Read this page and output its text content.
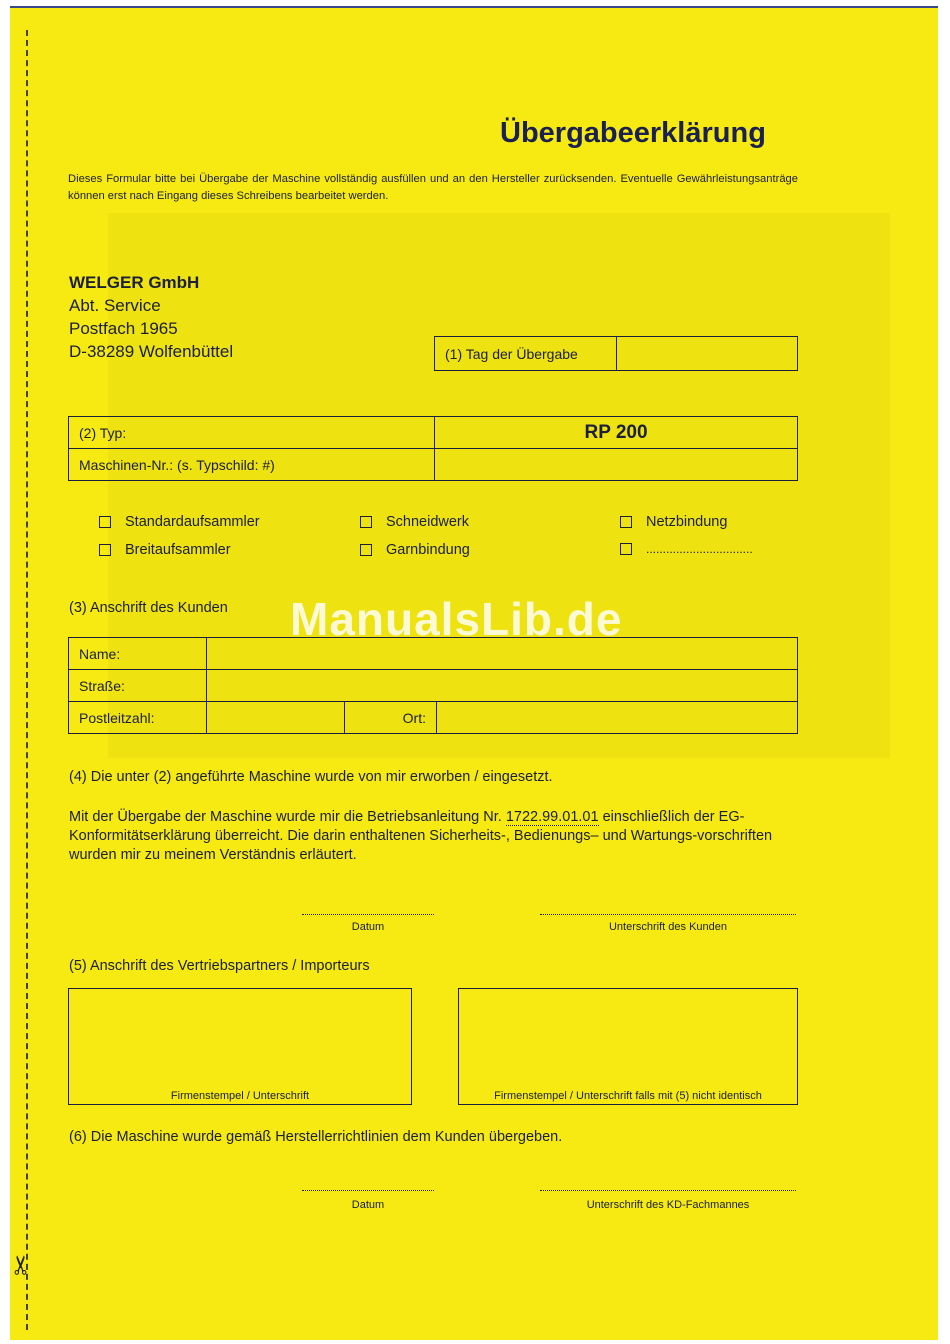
✂
Übergabeerklärung
Dieses Formular bitte bei Übergabe der Maschine vollständig ausfüllen und an den Hersteller zurücksenden. Eventuelle Gewährleistungsanträge können erst nach Eingang dieses Schreibens bearbeitet werden.
WELGER GmbH
Abt. Service
Postfach 1965
D-38289 Wolfenbüttel	(1) Tag der Übergabe	
(2) Typ:	RP 200
Maschinen-Nr.: (s. Typschild: #)	
Standardaufsammler	Schneidwerk	Netzbindung
Breitaufsammler	Garnbindung	................................
(3) Anschrift des Kunden
Name:			
Straße:			
Postleitzahl:		Ort:	
ManualsLib.de
(4) Die unter (2) angeführte Maschine wurde von mir erworben / eingesetzt.
Mit der Übergabe der Maschine wurde mir die Betriebsanleitung Nr. 1722.99.01.01 einschließlich der EG-Konformitätserklärung überreicht. Die darin enthaltenen Sicherheits-, Bedienungs– und Wartungs-vorschriften wurden mir zu meinem Verständnis erläutert.
Datum	Unterschrift des Kunden
(5) Anschrift des Vertriebspartners / Importeurs
Firmenstempel / Unterschrift	Firmenstempel / Unterschrift falls mit (5) nicht identisch
(6) Die Maschine wurde gemäß Herstellerrichtlinien dem Kunden übergeben.
Datum	Unterschrift des KD-Fachmannes
